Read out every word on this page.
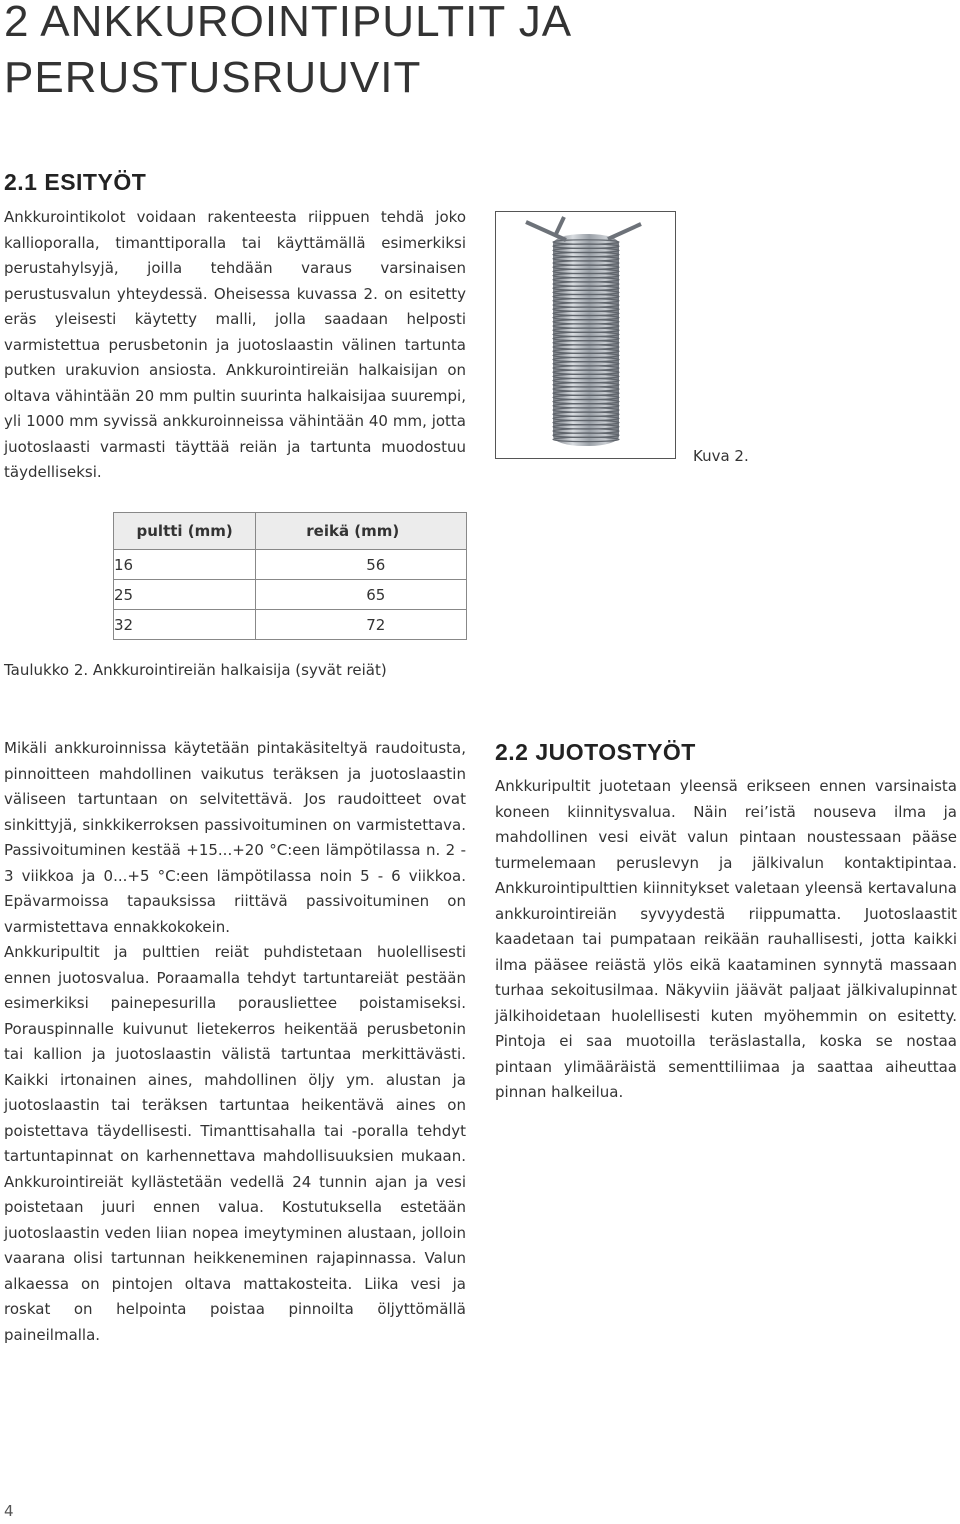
2 ANKKUROINTIPULTIT JA PERUSTUSRUUVIT
2.1 ESITYÖT

Ankkurointikolot voidaan rakenteesta riippuen tehdä joko kallioporalla, timanttiporalla tai käyttämällä esimerkiksi perustahylsyjä, joilla tehdään varaus varsinaisen perustusvalun yhteydessä. Oheisessa kuvassa 2. on esitetty eräs yleisesti käytetty malli, jolla saadaan helposti varmistettua perusbetonin ja juotoslaastin välinen tartunta putken urakuvion ansiosta. Ankkurointireiän halkaisijan on oltava vähintään 20 mm pultin suurinta halkaisijaa suurempi, yli 1000 mm syvissä ankkuroinneissa vähintään 40 mm, jotta juotoslaasti varmasti täyttää reiän ja tartunta muodostuu täydelliseksi.

Kuva 2.

pultti (mm)	reikä (mm)
16	56
25	65
32	72

Taulukko 2. Ankkurointireiän halkaisija (syvät reiät)

Mikäli ankkuroinnissa käytetään pintakäsiteltyä raudoitusta, pinnoitteen mahdollinen vaikutus teräksen ja juotoslaastin väliseen tartuntaan on selvitettävä. Jos raudoitteet ovat sinkittyjä, sinkkikerroksen passivoituminen on varmistettava. Passivoituminen kestää +15...+20 °C:een lämpötilassa n. 2 - 3 viikkoa ja 0...+5 °C:een lämpötilassa noin 5 - 6 viikkoa. Epävarmoissa tapauksissa riittävä passivoituminen on varmistettava ennakkokokein.

Ankkuripultit ja pulttien reiät puhdistetaan huolellisesti ennen juotosvalua. Poraamalla tehdyt tartuntareiät pestään esimerkiksi painepesurilla porausliettee poistamiseksi. Porauspinnalle kuivunut lietekerros heikentää perusbetonin tai kallion ja juotoslaastin välistä tartuntaa merkittävästi. Kaikki irtonainen aines, mahdollinen öljy ym. alustan ja juotoslaastin tai teräksen tartuntaa heikentävä aines on poistettava täydellisesti. Timanttisahalla tai -poralla tehdyt tartuntapinnat on karhennettava mahdollisuuksien mukaan. Ankkurointireiät kyllästetään vedellä 24 tunnin ajan ja vesi poistetaan juuri ennen valua. Kostutuksella estetään juotoslaastin veden liian nopea imeytyminen alustaan, jolloin vaarana olisi tartunnan heikkeneminen rajapinnassa. Valun alkaessa on pintojen oltava mattakosteita. Liika vesi ja roskat on helpointa poistaa pinnoilta öljyttömällä paineilmalla.

2.2 JUOTOSTYÖT

Ankkuripultit juotetaan yleensä erikseen ennen varsinaista koneen kiinnitysvalua. Näin rei’istä nouseva ilma ja mahdollinen vesi eivät valun pintaan noustessaan pääse turmelemaan peruslevyn ja jälkivalun kontaktipintaa. Ankkurointipulttien kiinnitykset valetaan yleensä kertavaluna ankkurointireiän syvyydestä riippumatta. Juotoslaastit kaadetaan tai pumpataan reikään rauhallisesti, jotta kaikki ilma pääsee reiästä ylös eikä kaataminen synnytä massaan turhaa sekoitusilmaa. Näkyviin jäävät paljaat jälkivalupinnat jälkihoidetaan huolellisesti kuten myöhemmin on esitetty. Pintoja ei saa muotoilla teräslastalla, koska se nostaa pintaan ylimääräistä sementtiliimaa ja saattaa aiheuttaa pinnan halkeilua.

4
